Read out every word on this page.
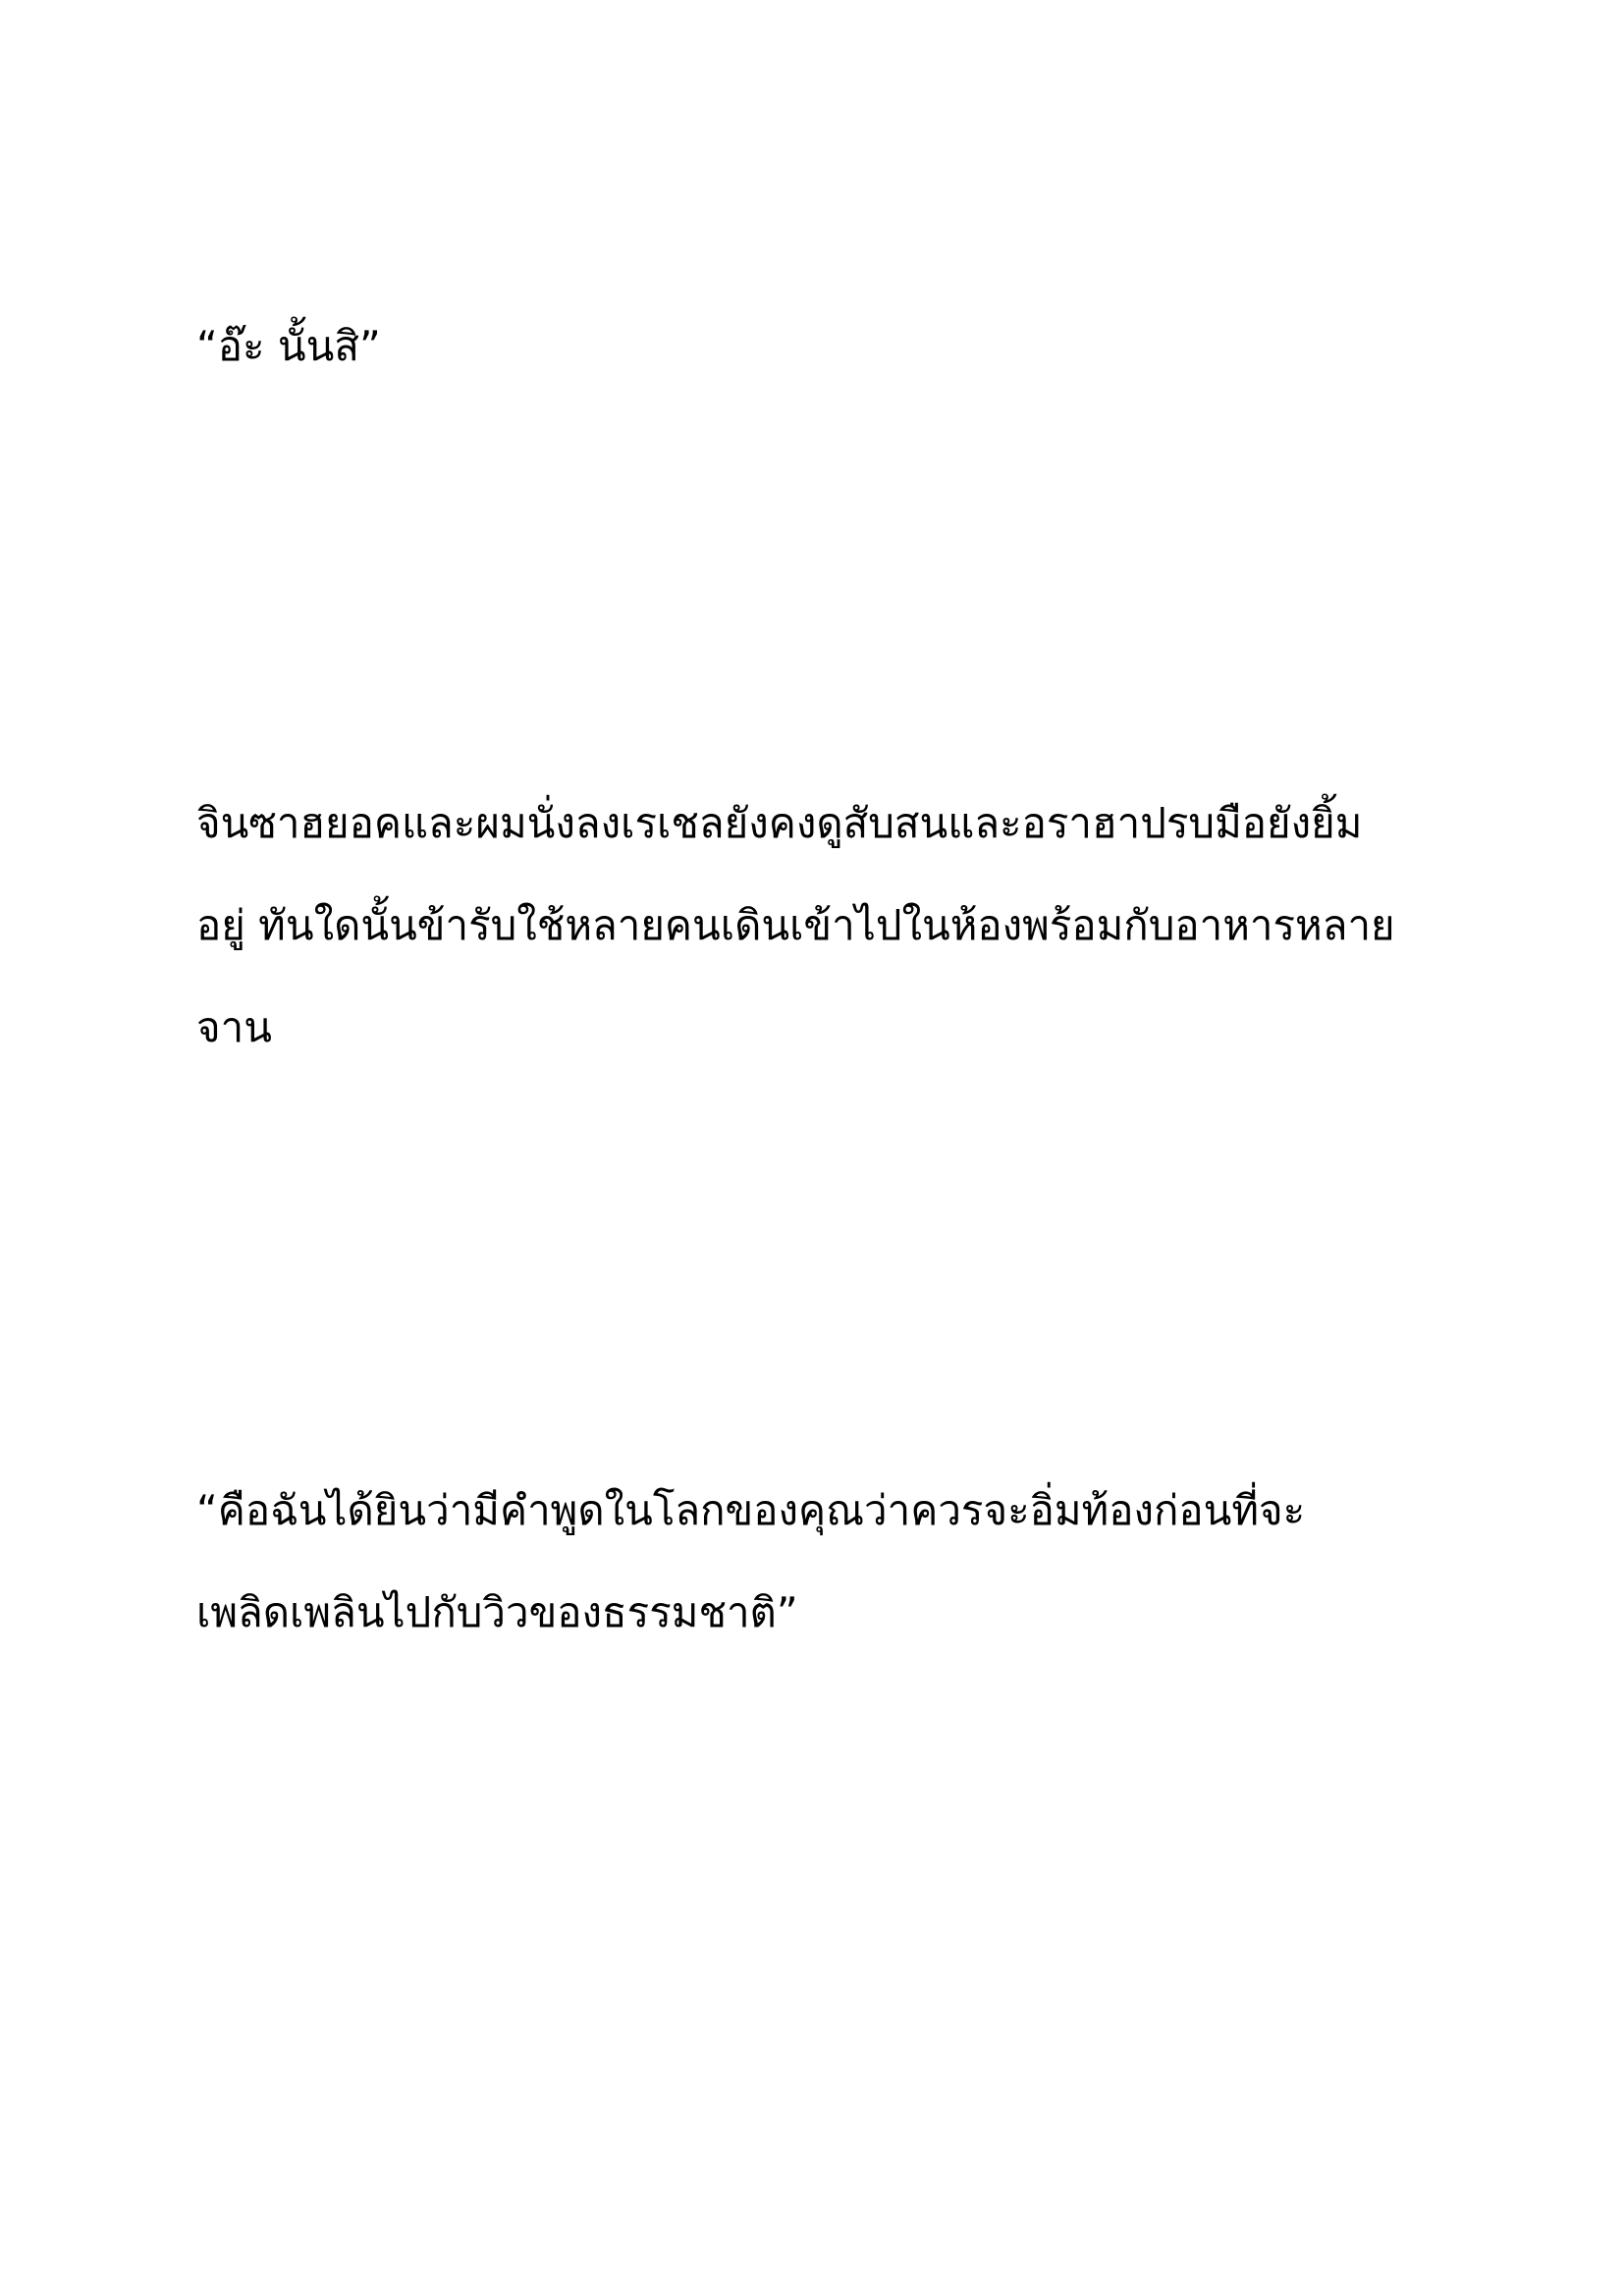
“อ๊ะ นั้นสิ”
จินซาฮยอคและผมนั่งลงเรเชลยังคงดูสับสนและอราฮาปรบมือยังยิ้ม
อยู่ ทันใดนั้นข้ารับใช้หลายคนเดินเข้าไปในห้องพร้อมกับอาหารหลาย
จาน
“คือฉันได้ยินว่ามีคำพูดในโลกของคุณว่าควรจะอิ่มท้องก่อนที่จะ
เพลิดเพลินไปกับวิวของธรรมชาติ”
